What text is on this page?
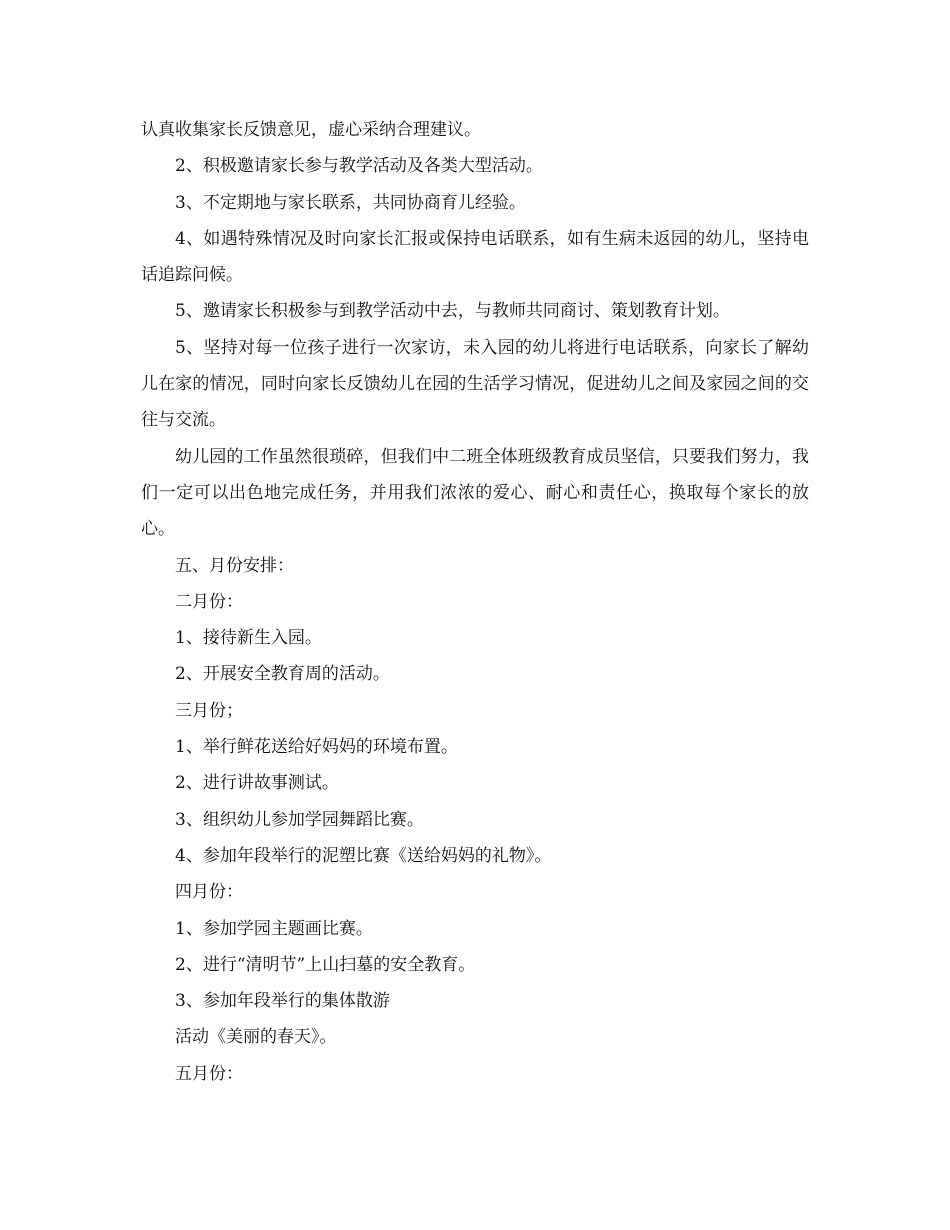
认真收集家长反馈意见，虚心采纳合理建议。

2、积极邀请家长参与教学活动及各类大型活动。

3、不定期地与家长联系，共同协商育儿经验。

4、如遇特殊情况及时向家长汇报或保持电话联系，如有生病未返园的幼儿，坚持电话追踪问候。

5、邀请家长积极参与到教学活动中去，与教师共同商讨、策划教育计划。

5、坚持对每一位孩子进行一次家访，未入园的幼儿将进行电话联系，向家长了解幼儿在家的情况，同时向家长反馈幼儿在园的生活学习情况，促进幼儿之间及家园之间的交往与交流。

幼儿园的工作虽然很琐碎，但我们中二班全体班级教育成员坚信，只要我们努力，我们一定可以出色地完成任务，并用我们浓浓的爱心、耐心和责任心，换取每个家长的放心。

五、月份安排：

二月份：

1、接待新生入园。

2、开展安全教育周的活动。

三月份；

1、举行鲜花送给好妈妈的环境布置。

2、进行讲故事测试。

3、组织幼儿参加学园舞蹈比赛。

4、参加年段举行的泥塑比赛《送给妈妈的礼物》。

四月份：

1、参加学园主题画比赛。

2、进行“清明节”上山扫墓的安全教育。

3、参加年段举行的集体散游

活动《美丽的春天》。

五月份：
